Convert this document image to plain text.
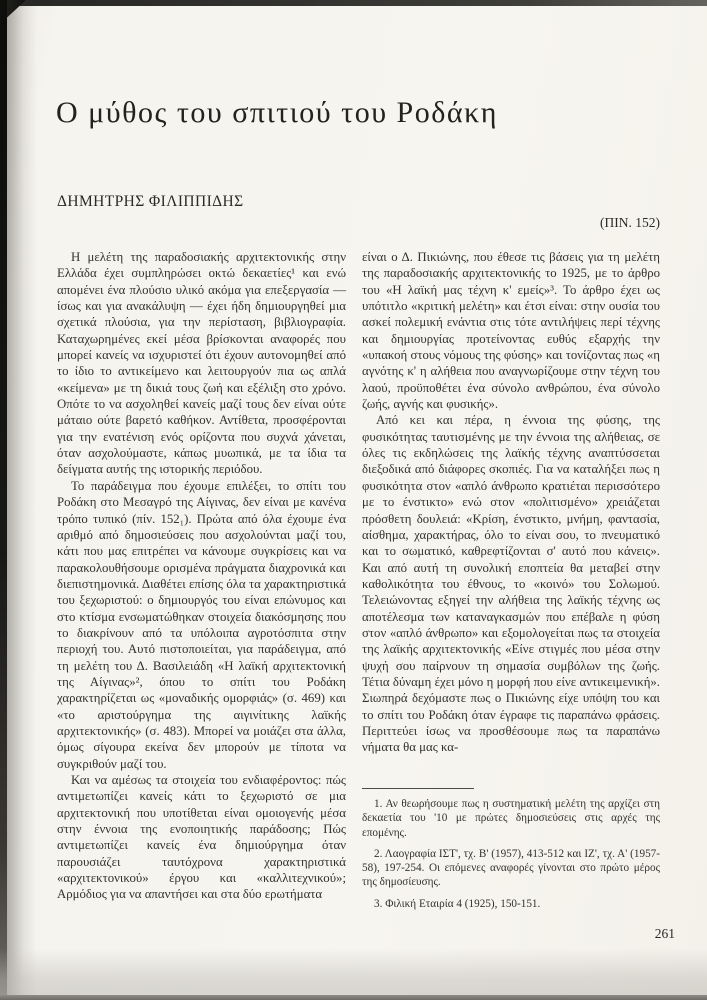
Ο μύθος του σπιτιού του Ροδάκη
ΔΗΜΗΤΡΗΣ ΦΙΛΙΠΠΙΔΗΣ
(ΠΙΝ. 152)

Η μελέτη της παραδοσιακής αρχιτεκτονικής στην Ελλάδα έχει συμπληρώσει οκτώ δεκαετίες¹ και ενώ απομένει ένα πλούσιο υλικό ακόμα για επεξεργασία — ίσως και για ανακάλυψη — έχει ήδη δημιουργηθεί μια σχετικά πλούσια, για την περίσταση, βιβλιογραφία. Καταχωρημένες εκεί μέσα βρίσκονται αναφορές που μπορεί κανείς να ισχυριστεί ότι έχουν αυτονομηθεί από το ίδιο το αντικείμενο και λειτουργούν πια ως απλά «κείμενα» με τη δικιά τους ζωή και εξέλιξη στο χρόνο. Οπότε το να ασχοληθεί κανείς μαζί τους δεν είναι ούτε μάταιο ούτε βαρετό καθήκον. Αντίθετα, προσφέρονται για την ενατένιση ενός ορίζοντα που συχνά χάνεται, όταν ασχολούμαστε, κάπως μυωπικά, με τα ίδια τα δείγματα αυτής της ιστορικής περιόδου.

Το παράδειγμα που έχουμε επιλέξει, το σπίτι του Ροδάκη στο Μεσαγρό της Αίγινας, δεν είναι με κανένα τρόπο τυπικό (πίν. 152₁). Πρώτα από όλα έχουμε ένα αριθμό από δημοσιεύσεις που ασχολούνται μαζί του, κάτι που μας επιτρέπει να κάνουμε συγκρίσεις και να παρακολουθήσουμε ορισμένα πράγματα διαχρονικά και διεπιστημονικά. Διαθέτει επίσης όλα τα χαρακτηριστικά του ξεχωριστού: ο δημιουργός του είναι επώνυμος και στο κτίσμα ενσωματώθηκαν στοιχεία διακόσμησης που το διακρίνουν από τα υπόλοιπα αγροτόσπιτα στην περιοχή του. Αυτό πιστοποιείται, για παράδειγμα, από τη μελέτη του Δ. Βασιλειάδη «Η λαϊκή αρχιτεκτονική της Αίγινας»², όπου το σπίτι του Ροδάκη χαρακτηρίζεται ως «μοναδικής ομορφιάς» (σ. 469) και «το αριστούργημα της αιγινίτικης λαϊκής αρχιτεκτονικής» (σ. 483). Μπορεί να μοιάζει στα άλλα, όμως σίγουρα εκείνα δεν μπορούν με τίποτα να συγκριθούν μαζί του.

Και να αμέσως τα στοιχεία του ενδιαφέροντος: πώς αντιμετωπίζει κανείς κάτι το ξεχωριστό σε μια αρχιτεκτονική που υποτίθεται είναι ομοιογενής μέσα στην έννοια της ενοποιητικής παράδοσης; Πώς αντιμετωπίζει κανείς ένα δημιούργημα όταν παρουσιάζει ταυτόχρονα χαρακτηριστικά «αρχιτεκτονικού» έργου και «καλλιτεχνικού»; Αρμόδιος για να απαντήσει και στα δύο ερωτήματα

είναι ο Δ. Πικιώνης, που έθεσε τις βάσεις για τη μελέτη της παραδοσιακής αρχιτεκτονικής το 1925, με το άρθρο του «Η λαϊκή μας τέχνη κ' εμείς»³. Το άρθρο έχει ως υπότιτλο «κριτική μελέτη» και έτσι είναι: στην ουσία του ασκεί πολεμική ενάντια στις τότε αντιλήψεις περί τέχνης και δημιουργίας προτείνοντας ευθύς εξαρχής την «υπακοή στους νόμους της φύσης» και τονίζοντας πως «η αγνότης κ' η αλήθεια που αναγνωρίζουμε στην τέχνη του λαού, προϋποθέτει ένα σύνολο ανθρώπου, ένα σύνολο ζωής, αγνής και φυσικής».

Από κει και πέρα, η έννοια της φύσης, της φυσικότητας ταυτισμένης με την έννοια της αλήθειας, σε όλες τις εκδηλώσεις της λαϊκής τέχνης αναπτύσσεται διεξοδικά από διάφορες σκοπιές. Για να καταλήξει πως η φυσικότητα στον «απλό άνθρωπο κρατιέται περισσότερο με το ένστικτο» ενώ στον «πολιτισμένο» χρειάζεται πρόσθετη δουλειά: «Κρίση, ένστικτο, μνήμη, φαντασία, αίσθημα, χαρακτήρας, όλο το είναι σου, το πνευματικό και το σωματικό, καθρεφτίζονται σ' αυτό που κάνεις». Και από αυτή τη συνολική εποπτεία θα μεταβεί στην καθολικότητα του έθνους, το «κοινό» του Σολωμού. Τελειώνοντας εξηγεί την αλήθεια της λαϊκής τέχνης ως αποτέλεσμα των καταναγκασμών που επέβαλε η φύση στον «απλό άνθρωπο» και εξομολογείται πως τα στοιχεία της λαϊκής αρχιτεκτονικής «Είνε στιγμές που μέσα στην ψυχή σου παίρνουν τη σημασία συμβόλων της ζωής. Τέτια δύναμη έχει μόνο η μορφή που είνε αντικειμενική». Σιωπηρά δεχόμαστε πως ο Πικιώνης είχε υπόψη του και το σπίτι του Ροδάκη όταν έγραφε τις παραπάνω φράσεις. Περιττεύει ίσως να προσθέσουμε πως τα παραπάνω νήματα θα μας κα-

1. Αν θεωρήσουμε πως η συστηματική μελέτη της αρχίζει στη δεκαετία του '10 με πρώτες δημοσιεύσεις στις αρχές της επομένης.

2. Λαογραφία ΙΣΤ', τχ. Β' (1957), 413-512 και ΙΖ', τχ. Α' (1957-58), 197-254. Οι επόμενες αναφορές γίνονται στο πρώτο μέρος της δημοσίευσης.

3. Φιλική Εταιρία 4 (1925), 150-151.

261
